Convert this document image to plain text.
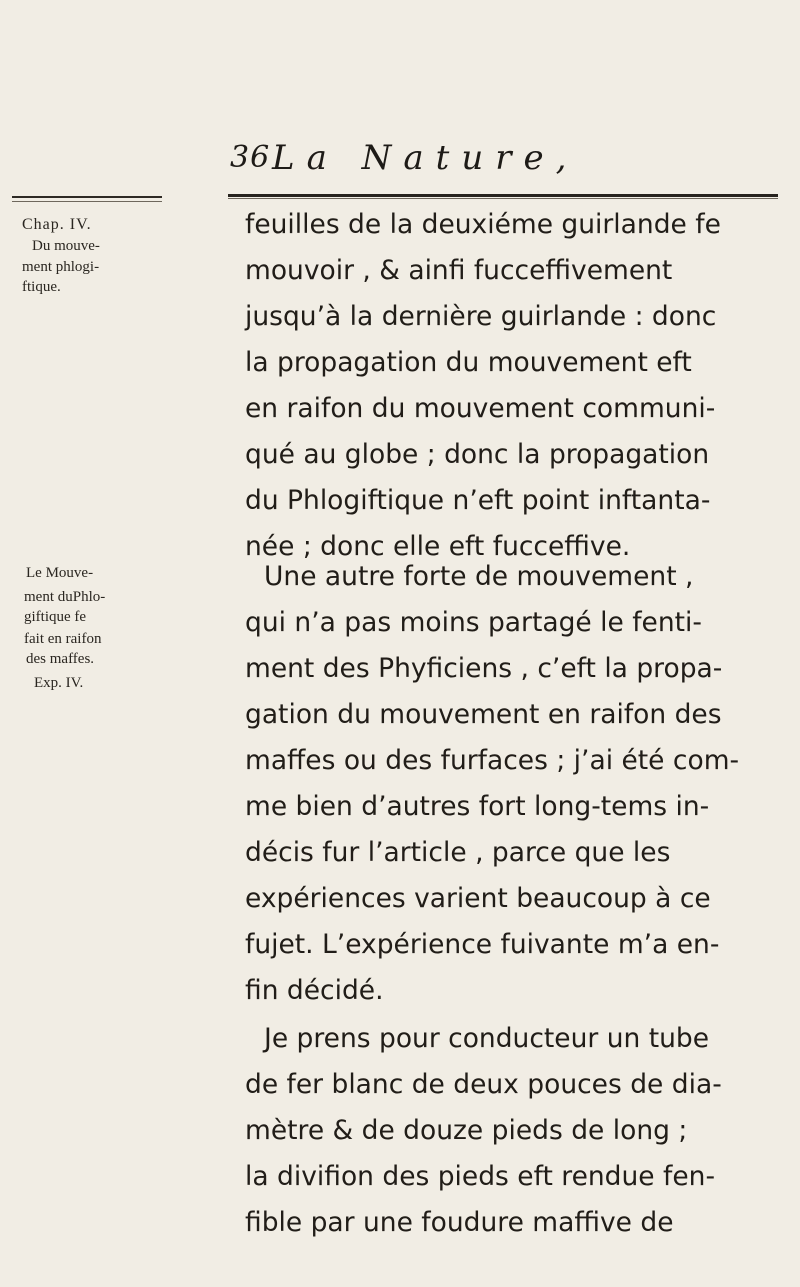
36 La Nature,
Chap. IV.
Du mouve-
ment phlogi-
ftique.
Le Mouve-
ment duPhlo-
giftique fe
fait en raifon
des maffes.
Exp. IV.
feuilles de la deuxiéme guirlande fe
mouvoir , & ainfi fucceffivement
jusqu’à la dernière guirlande : donc
la propagation du mouvement eft
en raifon du mouvement communi-
qué au globe ; donc la propagation
du Phlogiftique n’eft point inftanta-
née ; donc elle eft fucceffive.
Une autre forte de mouvement ,
qui n’a pas moins partagé le fenti-
ment des Phyficiens , c’eft la propa-
gation du mouvement en raifon des
maffes ou des furfaces ; j’ai été com-
me bien d’autres fort long-tems in-
décis fur l’article , parce que les
expériences varient beaucoup à ce
fujet. L’expérience fuivante m’a en-
fin décidé.
Je prens pour conducteur un tube
de fer blanc de deux pouces de dia-
mètre & de douze pieds de long ;
la divifion des pieds eft rendue fen-
fible par une foudure maffive de
